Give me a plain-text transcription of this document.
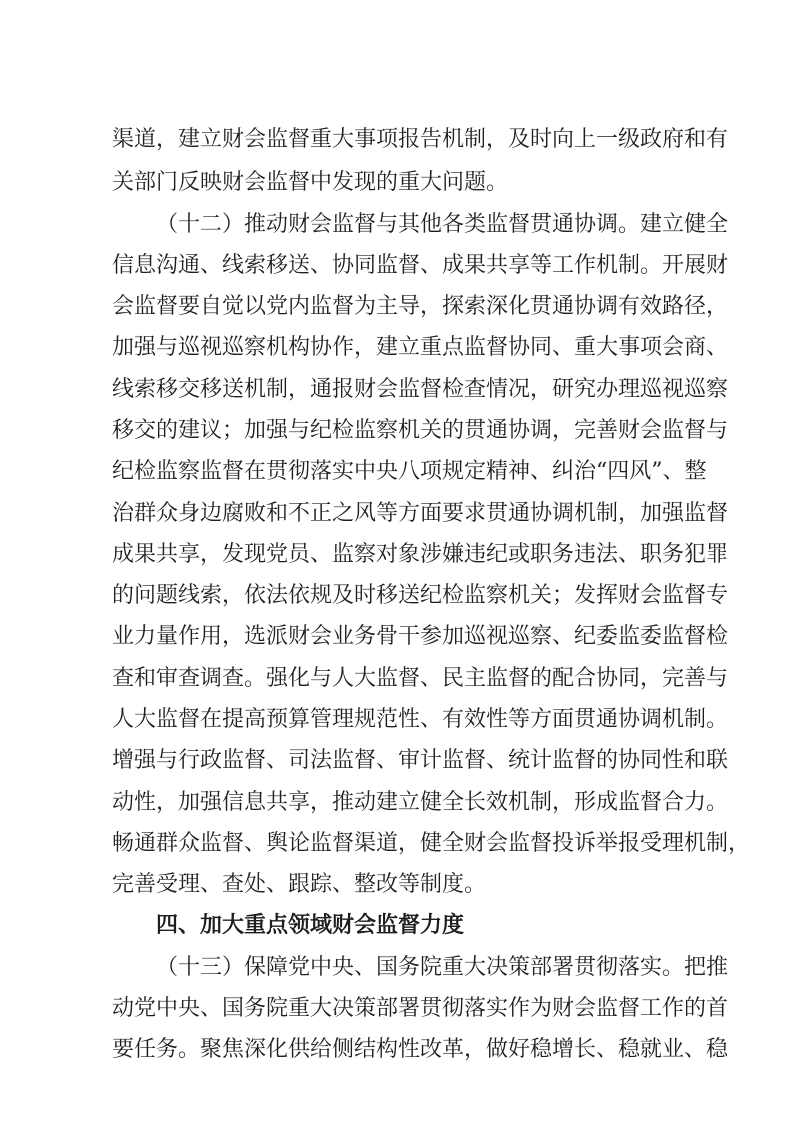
渠道，建立财会监督重大事项报告机制，及时向上一级政府和有
关部门反映财会监督中发现的重大问题。
（十二）推动财会监督与其他各类监督贯通协调。建立健全
信息沟通、线索移送、协同监督、成果共享等工作机制。开展财
会监督要自觉以党内监督为主导，探索深化贯通协调有效路径，
加强与巡视巡察机构协作，建立重点监督协同、重大事项会商、
线索移交移送机制，通报财会监督检查情况，研究办理巡视巡察
移交的建议；加强与纪检监察机关的贯通协调，完善财会监督与
纪检监察监督在贯彻落实中央八项规定精神、纠治“四风”、整
治群众身边腐败和不正之风等方面要求贯通协调机制，加强监督
成果共享，发现党员、监察对象涉嫌违纪或职务违法、职务犯罪
的问题线索，依法依规及时移送纪检监察机关；发挥财会监督专
业力量作用，选派财会业务骨干参加巡视巡察、纪委监委监督检
查和审查调查。强化与人大监督、民主监督的配合协同，完善与
人大监督在提高预算管理规范性、有效性等方面贯通协调机制。
增强与行政监督、司法监督、审计监督、统计监督的协同性和联
动性，加强信息共享，推动建立健全长效机制，形成监督合力。
畅通群众监督、舆论监督渠道，健全财会监督投诉举报受理机制，
完善受理、查处、跟踪、整改等制度。
四、加大重点领域财会监督力度
（十三）保障党中央、国务院重大决策部署贯彻落实。把推
动党中央、国务院重大决策部署贯彻落实作为财会监督工作的首
要任务。聚焦深化供给侧结构性改革，做好稳增长、稳就业、稳
